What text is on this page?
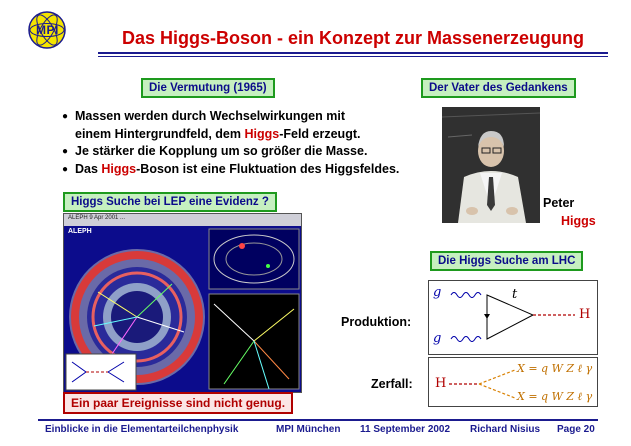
MPI	Das Higgs-Boson - ein Konzept zur Massenerzeugung
Die Vermutung (1965)
● Massen werden durch Wechselwirkungen mit
einem Hintergrundfeld, dem Higgs-Feld erzeugt.
● Je stärker die Kopplung um so größer die Masse.
● Das Higgs-Boson ist eine Fluktuation des Higgsfeldes.
Der Vater des Gedankens
Peter
Higgs
Higgs Suche bei LEP eine Evidenz ?
ALEPH 9 Apr 2001 ...
ALEPH
Ein paar Ereignisse sind nicht genug.
Die Higgs Suche am LHC
Produktion:
Zerfall:
g
g
t
H
H
X = q W Z ℓ γ
X = q W Z ℓ γ
Einblicke in die Elementarteilchenphysik	MPI München 11 September 2002 Richard Nisius Page 20
